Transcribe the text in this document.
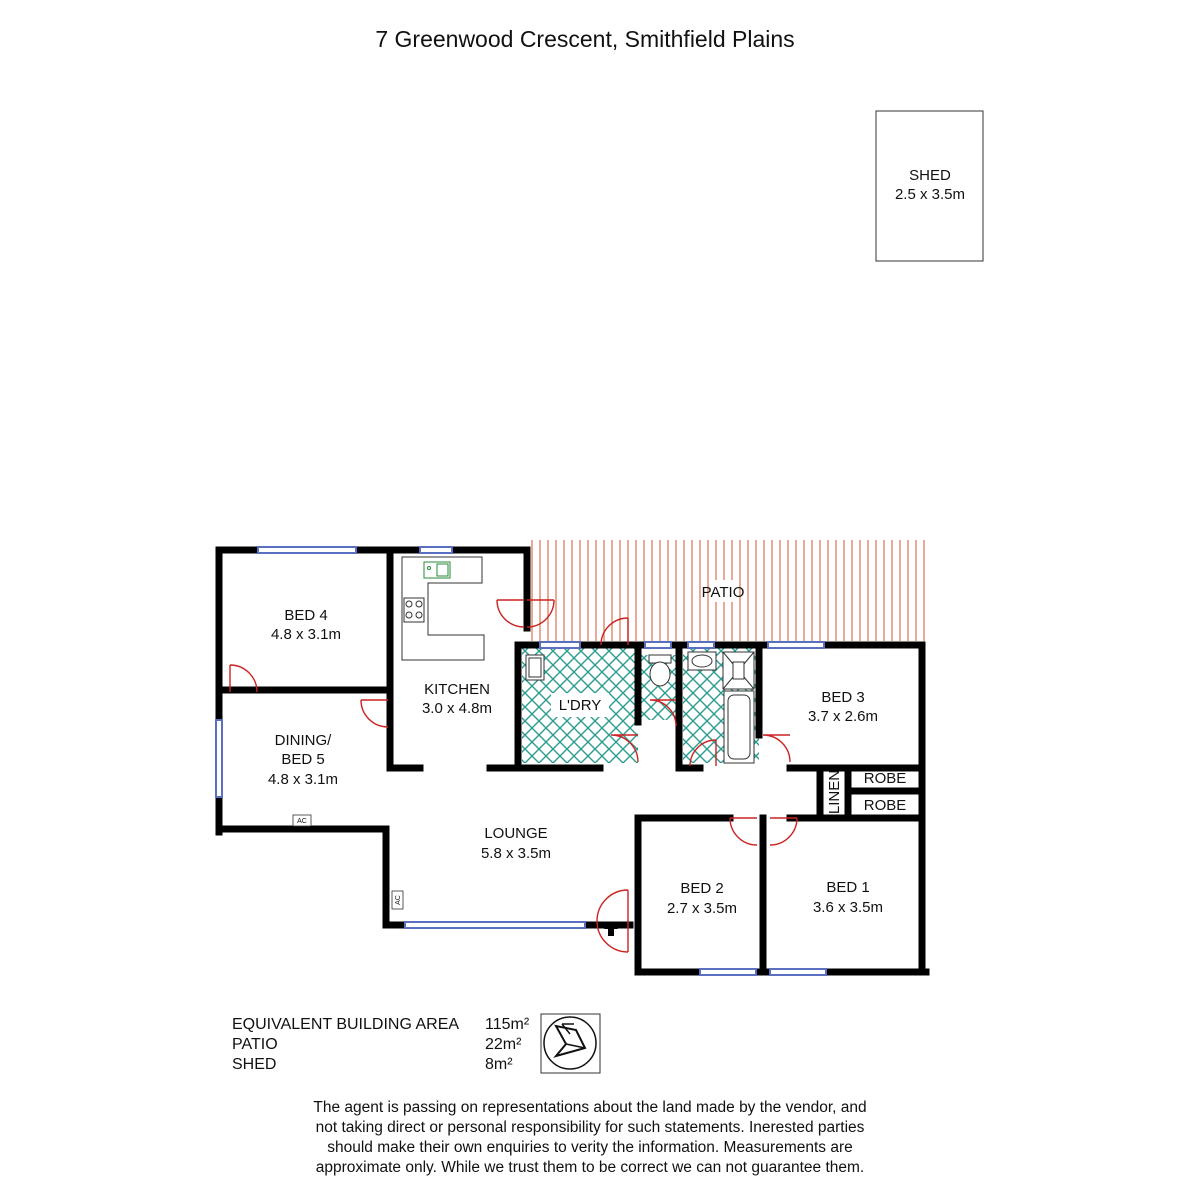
7 Greenwood Crescent, Smithfield Plains
SHED
2.5 x 3.5m
PATIO
BED 4
4.8 x 3.1m
KITCHEN
3.0 x 4.8m	L'DRY	BED 3
3.7 x 2.6m
DINING/
BED 5
4.8 x 3.1m
LOUNGE
5.8 x 3.5m
BED 2
2.7 x 3.5m
BED 1
3.6 x 3.5m
ROBE
ROBE
LINEN
AC
AC
EQUIVALENT BUILDING AREA	115m²
PATIO	22m²
SHED	8m²
The agent is passing on representations about the land made by the vendor, and
not taking direct or personal responsibility for such statements. Inerested parties
should make their own enquiries to verity the information. Measurements are
approximate only. While we trust them to be correct we can not guarantee them.
